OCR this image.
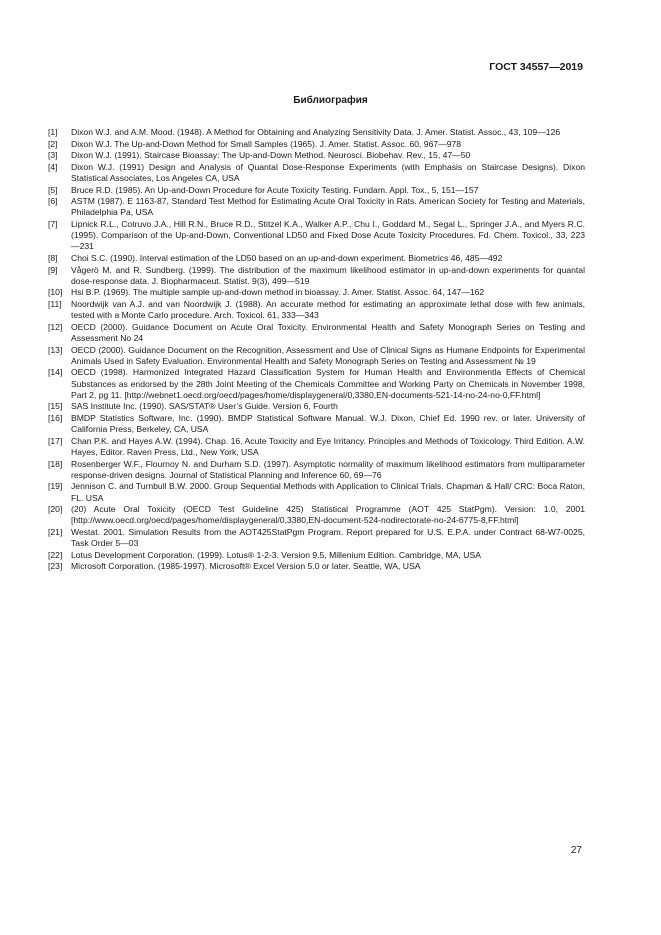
ГОСТ 34557—2019
Библиография
[1]	Dixon W.J. and A.M. Mood. (1948). A Method for Obtaining and Analyzing Sensitivity Data. J. Amer. Statist. Assoc., 43, 109—126
[2]	Dixon W.J. The Up-and-Down Method for Small Samples (1965). J. Amer. Statist. Assoc. 60, 967—978
[3]	Dixon W.J. (1991). Staircase Bioassay: The Up-and-Down Method. Neurosci. Biobehav. Rev., 15, 47—50
[4]	Dixon W.J. (1991) Design and Analysis of Quantal Dose-Response Experiments (with Emphasis on Staircase Designs). Dixon Statistical Associates, Los Angeles CA, USA
[5]	Bruce R.D. (1985). An Up-and-Down Procedure for Acute Toxicity Testing. Fundam. Appl. Tox., 5, 151—157
[6]	ASTM (1987). E 1163-87, Standard Test Method for Estimating Acute Oral Toxicity in Rats. American Society for Testing and Materials, Philadelphia Pa, USA
[7]	Lipnick R.L., Cotruvo J.A., Hill R.N., Bruce R.D., Stitzel K.A., Walker A.P., Chu I., Goddard M., Segal L., Springer J.A., and Myers R.C. (1995). Comparison of the Up-and-Down, Conventional LD50 and Fixed Dose Acute Toxicity Procedures. Fd. Chem. Toxicol., 33, 223—231
[8]	Choi S.C. (1990). Interval estimation of the LD50 based on an up-and-down experiment. Biometrics 46, 485—492
[9]	Vågerö M. and R. Sundberg. (1999). The distribution of the maximum likelihood estimator in up-and-down experiments for quantal dose-response data. J. Biopharmaceut. Statist. 9(3), 499—519
[10]	Hsi B.P. (1969). The multiple sample up-and-down method in bioassay. J. Amer. Statist. Assoc. 64, 147—162
[11]	Noordwijk van A.J. and van Noordwijk J. (1988). An accurate method for estimating an approximate lethal dose with few animals, tested with a Monte Carlo procedure. Arch. Toxicol. 61, 333—343
[12]	OECD (2000). Guidance Document on Acute Oral Toxicity. Environmental Health and Safety Monograph Series on Testing and Assessment No 24
[13]	OECD (2000). Guidance Document on the Recognition, Assessment and Use of Clinical Signs as Humane Endpoints for Experimental Animals Used in Safety Evaluation. Environmental Health and Safety Monograph Series on Testing and Assessment № 19
[14]	OECD (1998). Harmonized Integrated Hazard Classification System for Human Health and Environmentla Effects of Chemical Substances as endorsed by the 28th Joint Meeting of the Chemicals Committee and Working Party on Chemicals in November 1998, Part 2, pg 11. [http://webnet1.oecd.org/oecd/pages/home/displaygeneral/0,3380,EN-documents-521-14-no-24-no-0,FF.html]
[15]	SAS Institute Inc. (1990). SAS/STAT® User’s Guide. Version 6, Fourth
[16]	BMDP Statistics Software, Inc. (1990). BMDP Statistical Software Manual. W.J. Dixon, Chief Ed. 1990 rev. or later. University of California Press, Berkeley, CA, USA
[17]	Chan P.K. and Hayes A.W. (1994). Chap. 16. Acute Toxicity and Eye Irritancy. Principles and Methods of Toxicology. Third Edition. A.W. Hayes, Editor. Raven Press, Ltd., New York, USA
[18]	Rosenberger W.F., Flournoy N. and Durham S.D. (1997). Asymptotic normality of maximum likelihood estimators from multiparameter response-driven designs. Journal of Statistical Planning and Inference 60, 69—76
[19]	Jennison C. and Turnbull B.W. 2000. Group Sequential Methods with Application to Clinical Trials. Chapman & Hall/ CRC: Boca Raton, FL. USA
[20]	(20) Acute Oral Toxicity (OECD Test Guideline 425) Statistical Programme (AOT 425 StatPgm). Version: 1.0, 2001 [http://www.oecd.org/oecd/pages/home/displaygeneral/0,3380,EN-document-524-nodirectorate-no-24-6775-8,FF.html]
[21]	Westat. 2001. Simulation Results from the AOT425StatPgm Program. Report prepared for U.S. E.P.A. under Contract 68-W7-0025, Task Order 5—03
[22]	Lotus Development Corporation. (1999). Lotus® 1-2-3. Version 9.5, Millenium Edition. Cambridge, MA, USA
[23]	Microsoft Corporation. (1985-1997). Microsoft® Excel Version 5.0 or later. Seattle, WA, USA
27
